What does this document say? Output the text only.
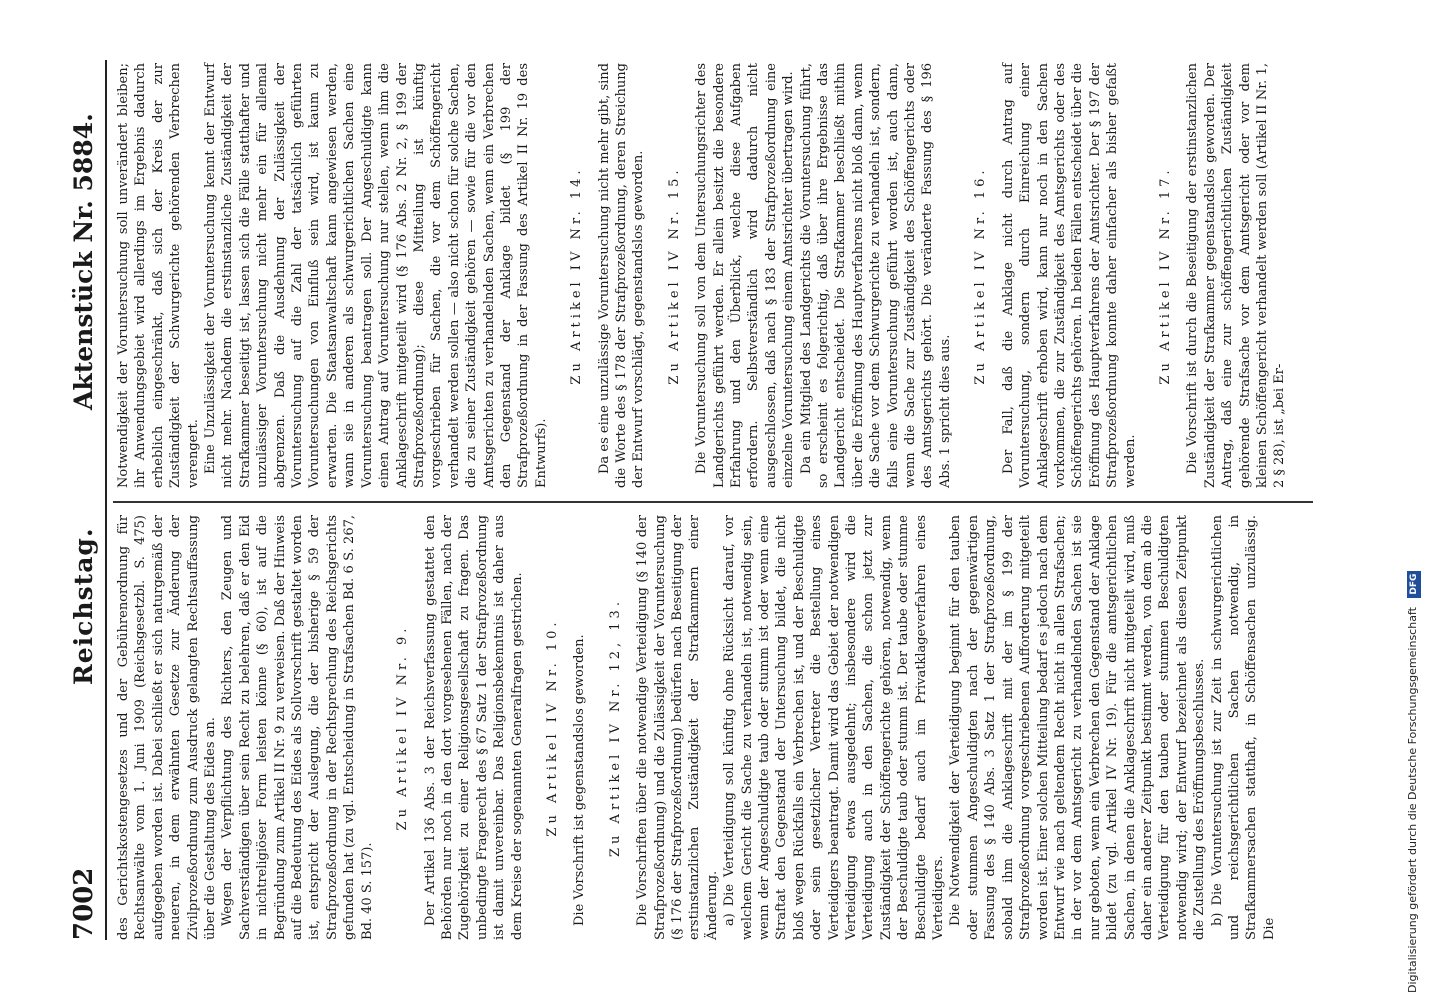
7002
Reichstag.
Aktenstück Nr. 5884.

des Gerichtskostengesetzes und der Gebührenordnung für Rechtsanwälte vom 1. Juni 1909 (Reichsgesetzbl. S. 475) aufgegeben worden ist. Dabei schließt er sich naturgemäß der neueren, in dem erwähnten Gesetze zur Änderung der Zivilprozeßordnung zum Ausdruck gelangten Rechtsauffassung über die Gestaltung des Eides an. Wegen der Verpflichtung des Richters, den Zeugen und Sachverständigen über sein Recht zu belehren, daß er den Eid in nichtreligiöser Form leisten könne (§ 60), ist auf die Begründung zum Artikel II Nr. 9 zu verweisen. Daß der Hinweis auf die Bedeutung des Eides als Sollvorschrift gestaltet worden ist, entspricht der Auslegung, die der bisherige § 59 der Strafprozeßordnung in der Rechtsprechung des Reichsgerichts gefunden hat (zu vgl. Entscheidung in Strafsachen Bd. 6 S. 267, Bd. 40 S. 157).

Zu Artikel IV Nr. 9. Der Artikel 136 Abs. 3 der Reichsverfassung gestattet den Behörden nur noch in den dort vorgesehenen Fällen, nach der Zugehörigkeit zu einer Religionsgesellschaft zu fragen. Das unbedingte Fragerecht des § 67 Satz 1 der Strafprozeßordnung ist damit unvereinbar. Das Religionsbekenntnis ist daher aus dem Kreise der sogenannten Generalfragen gestrichen. Zu Artikel IV Nr. 10. Die Vorschrift ist gegenstandslos geworden. Zu Artikel IV Nr. 12, 13. Die Vorschriften über die notwendige Verteidigung (§ 140 der Strafprozeßordnung) und die Zulässigkeit der Voruntersuchung (§ 176 der Strafprozeßordnung) bedürfen nach Beseitigung der erstinstanzlichen Zuständigkeit der Strafkammern einer Änderung. a) Die Verteidigung soll künftig ohne Rücksicht darauf, vor welchem Gericht die Sache zu verhandeln ist, notwendig sein, wenn der Angeschuldigte taub oder stumm ist oder wenn eine Straftat den Gegenstand der Untersuchung bildet, die nicht bloß wegen Rückfalls ein Verbrechen ist, und der Beschuldigte oder sein gesetzlicher Vertreter die Bestellung eines Verteidigers beantragt. Damit wird das Gebiet der notwendigen Verteidigung etwas ausgedehnt; insbesondere wird die Verteidigung auch in den Sachen, die schon jetzt zur Zuständigkeit der Schöffengerichte gehören, notwendig, wenn der Beschuldigte taub oder stumm ist. Der taube oder stumme Beschuldigte bedarf auch im Privatklageverfahren eines Verteidigers. Die Notwendigkeit der Verteidigung beginnt für den tauben oder stummen Angeschuldigten nach der gegenwärtigen Fassung des § 140 Abs. 3 Satz 1 der Strafprozeßordnung, sobald ihm die Anklageschrift mit der im § 199 der Strafprozeßordnung vorgeschriebenen Aufforderung mitgeteilt worden ist. Einer solchen Mitteilung bedarf es jedoch nach dem Entwurf wie nach geltendem Recht nicht in allen Strafsachen; in der vor dem Amtsgericht zu verhandelnden Sachen ist sie nur geboten, wenn ein Verbrechen den Gegenstand der Anklage bildet (zu vgl. Artikel IV Nr. 19). Für die amtsgerichtlichen Sachen, in denen die Anklageschrift nicht mitgeteilt wird, muß daher ein anderer Zeitpunkt bestimmt werden, von dem ab die Verteidigung für den tauben oder stummen Beschuldigten notwendig wird; der Entwurf bezeichnet als diesen Zeitpunkt die Zustellung des Eröffnungsbeschlusses. b) Die Voruntersuchung ist zur Zeit in schwurgerichtlichen und reichsgerichtlichen Sachen notwendig, in Strafkammersachen statthaft, in Schöffensachen unzulässig. Die

Notwendigkeit der Voruntersuchung soll unverändert bleiben; ihr Anwendungsgebiet wird allerdings im Ergebnis dadurch erheblich eingeschränkt, daß sich der Kreis der zur Zuständigkeit der Schwurgerichte gehörenden Verbrechen verengert. Eine Unzulässigkeit der Voruntersuchung kennt der Entwurf nicht mehr. Nachdem die erstinstanzliche Zuständigkeit der Strafkammer beseitigt ist, lassen sich die Fälle statthafter und unzulässiger Voruntersuchung nicht mehr ein für allemal abgrenzen. Daß die Ausdehnung der Zulässigkeit der Voruntersuchung auf die Zahl der tatsächlich geführten Voruntersuchungen von Einfluß sein wird, ist kaum zu erwarten. Die Staatsanwaltschaft kann angewiesen werden, wann sie in anderen als schwurgerichtlichen Sachen eine Voruntersuchung beantragen soll. Der Angeschuldigte kann einen Antrag auf Voruntersuchung nur stellen, wenn ihm die Anklageschrift mitgeteilt wird (§ 176 Abs. 2 Nr. 2, § 199 der Strafprozeßordnung); diese Mitteilung ist künftig vorgeschrieben für Sachen, die vor dem Schöffengericht verhandelt werden sollen — also nicht schon für solche Sachen, die zu seiner Zuständigkeit gehören — sowie für die vor den Amtsgerichten zu verhandelnden Sachen, wenn ein Verbrechen den Gegenstand der Anklage bildet (§ 199 der Strafprozeßordnung in der Fassung des Artikel II Nr. 19 des Entwurfs).

Zu Artikel IV Nr. 14. Da es eine unzulässige Voruntersuchung nicht mehr gibt, sind die Worte des § 178 der Strafprozeßordnung, deren Streichung der Entwurf vorschlägt, gegenstandslos geworden. Zu Artikel IV Nr. 15. Die Voruntersuchung soll von dem Untersuchungsrichter des Landgerichts geführt werden. Er allein besitzt die besondere Erfahrung und den Überblick, welche diese Aufgaben erfordern. Selbstverständlich wird dadurch nicht ausgeschlossen, daß nach § 183 der Strafprozeßordnung eine einzelne Voruntersuchung einem Amtsrichter übertragen wird. Da ein Mitglied des Landgerichts die Voruntersuchung führt, so erscheint es folgerichtig, daß über ihre Ergebnisse das Landgericht entscheidet. Die Strafkammer beschließt mithin über die Eröffnung des Hauptverfahrens nicht bloß dann, wenn die Sache vor dem Schwurgerichte zu verhandeln ist, sondern, falls eine Voruntersuchung geführt worden ist, auch dann, wenn die Sache zur Zuständigkeit des Schöffengerichts oder des Amtsgerichts gehört. Die veränderte Fassung des § 196 Abs. 1 spricht dies aus.

Zu Artikel IV Nr. 16. Der Fall, daß die Anklage nicht durch Antrag auf Voruntersuchung, sondern durch Einreichung einer Anklageschrift erhoben wird, kann nur noch in den Sachen vorkommen, die zur Zuständigkeit des Amtsgerichts oder des Schöffengerichts gehören. In beiden Fällen entscheidet über die Eröffnung des Hauptverfahrens der Amtsrichter. Der § 197 der Strafprozeßordnung konnte daher einfacher als bisher gefaßt werden.

Zu Artikel IV Nr. 17. Die Vorschrift ist durch die Beseitigung der erstinstanzlichen Zuständigkeit der Strafkammer gegenstandslos geworden. Der Antrag, daß eine zur schöffengerichtlichen Zuständigkeit gehörende Strafsache vor dem Amtsgericht oder vor dem kleinen Schöffengericht verhandelt werden soll (Artikel II Nr. 1, 2 § 28), ist „bei Er-

Digitalisierung gefördert durch die Deutsche Forschungsgemeinschaft DFG
